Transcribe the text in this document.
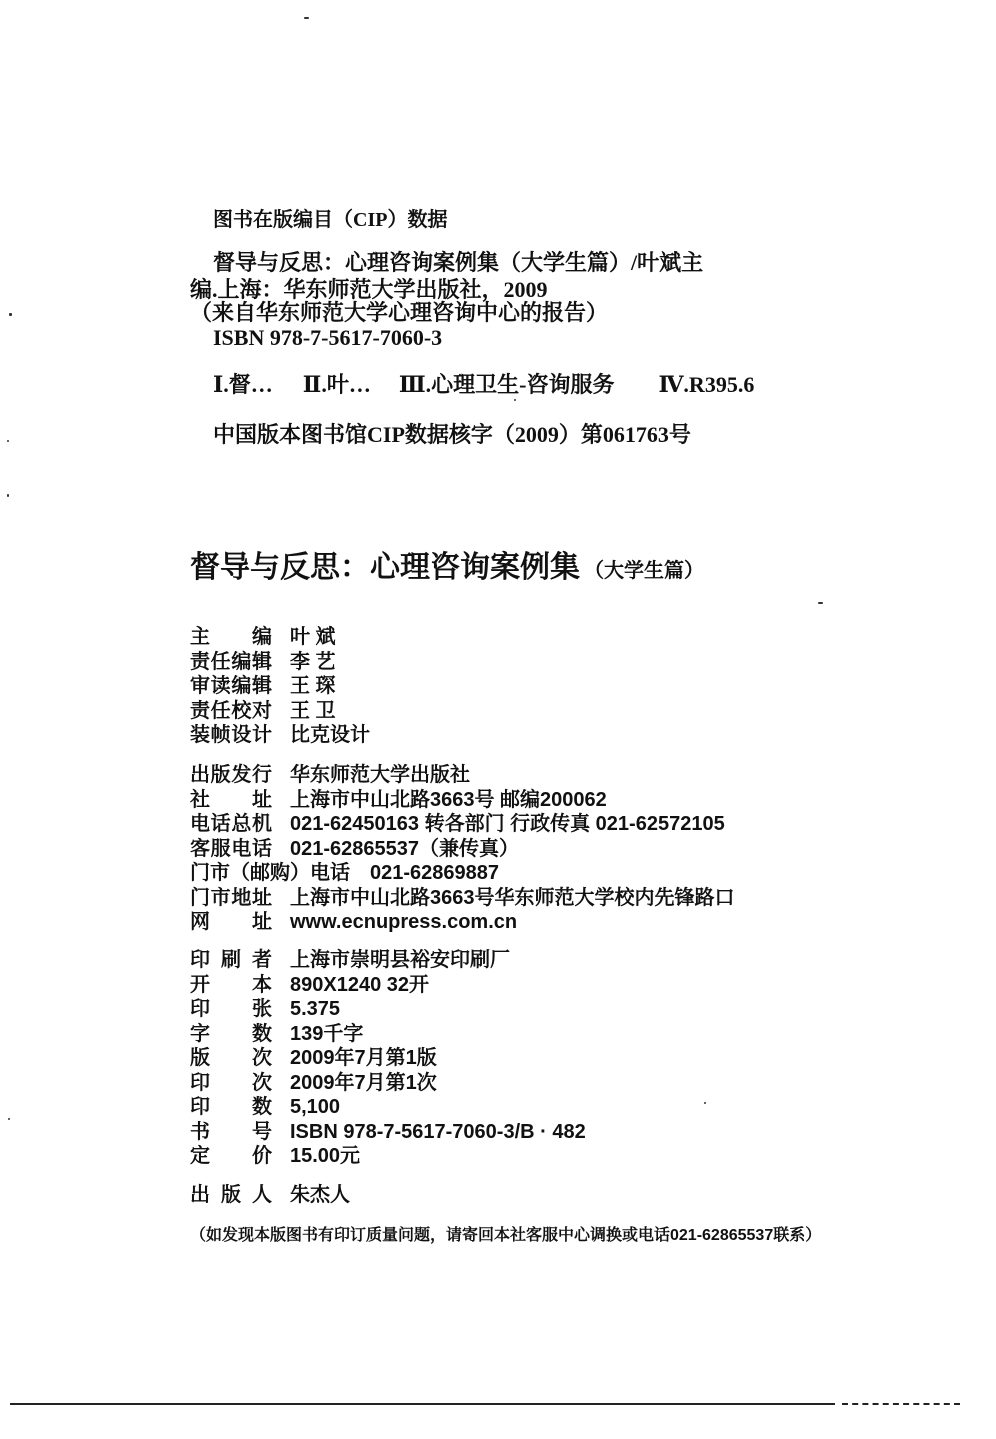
图书在版编目（CIP）数据
督导与反思：心理咨询案例集（大学生篇）/叶斌主
编.上海：华东师范大学出版社，2009
（来自华东师范大学心理咨询中心的报告）
ISBN 978-7-5617-7060-3
Ⅰ.督… Ⅱ.叶… Ⅲ.心理卫生-咨询服务 Ⅳ.R395.6
中国版本图书馆CIP数据核字（2009）第061763号
督导与反思：心理咨询案例集 （大学生篇）
主编 叶 斌
责任编辑 李 艺
审读编辑 王 琛
责任校对 王 卫
装帧设计 比克设计
出版发行 华东师范大学出版社
社址 上海市中山北路3663号 邮编200062
电话总机 021-62450163 转各部门 行政传真 021-62572105
客服电话 021-62865537（兼传真）
门市（邮购）电话 021-62869887
门市地址 上海市中山北路3663号华东师范大学校内先锋路口
网址 www.ecnupress.com.cn
印刷者 上海市崇明县裕安印刷厂
开本 890X1240 32开
印张 5.375
字数 139千字
版次 2009年7月第1版
印次 2009年7月第1次
印数 5,100
书号 ISBN 978-7-5617-7060-3/B · 482
定价 15.00元
出版人 朱杰人
（如发现本版图书有印订质量问题，请寄回本社客服中心调换或电话021-62865537联系）
